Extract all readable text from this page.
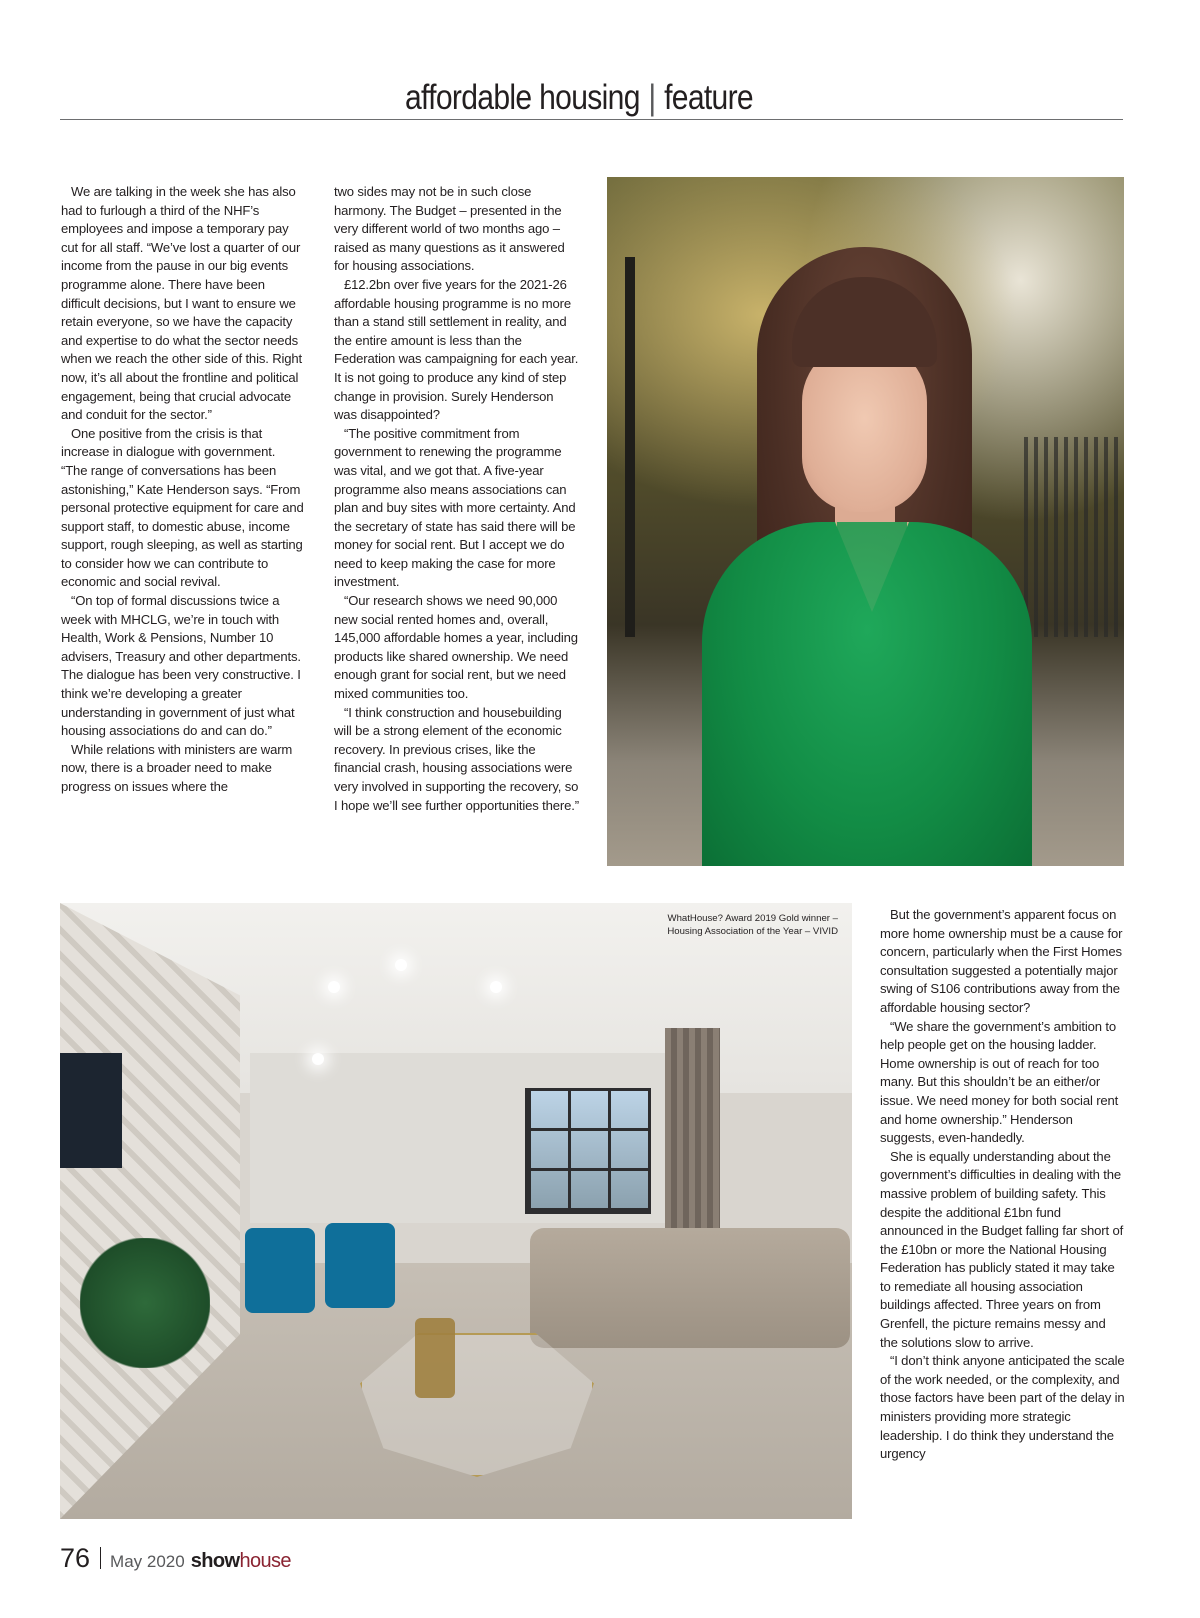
affordable housing | feature

We are talking in the week she has also had to furlough a third of the NHF’s employees and impose a temporary pay cut for all staff. “We’ve lost a quarter of our income from the pause in our big events programme alone. There have been difficult decisions, but I want to ensure we retain everyone, so we have the capacity and expertise to do what the sector needs when we reach the other side of this. Right now, it’s all about the frontline and political engagement, being that crucial advocate and conduit for the sector.”

One positive from the crisis is that increase in dialogue with government. “The range of conversations has been astonishing,” Kate Henderson says. “From personal protective equipment for care and support staff, to domestic abuse, income support, rough sleeping, as well as starting to consider how we can contribute to economic and social revival.

“On top of formal discussions twice a week with MHCLG, we’re in touch with Health, Work & Pensions, Number 10 advisers, Treasury and other departments. The dialogue has been very constructive. I think we’re developing a greater understanding in government of just what housing associations do and can do.”

While relations with ministers are warm now, there is a broader need to make progress on issues where the

two sides may not be in such close harmony. The Budget – presented in the very different world of two months ago – raised as many questions as it answered for housing associations.

£12.2bn over five years for the 2021-26 affordable housing programme is no more than a stand still settlement in reality, and the entire amount is less than the Federation was campaigning for each year. It is not going to produce any kind of step change in provision. Surely Henderson was disappointed?

“The positive commitment from government to renewing the programme was vital, and we got that. A five-year programme also means associations can plan and buy sites with more certainty. And the secretary of state has said there will be money for social rent. But I accept we do need to keep making the case for more investment.

“Our research shows we need 90,000 new social rented homes and, overall, 145,000 affordable homes a year, including products like shared ownership. We need enough grant for social rent, but we need mixed communities too.

“I think construction and housebuilding will be a strong element of the economic recovery. In previous crises, like the financial crash, housing associations were very involved in supporting the recovery, so I hope we’ll see further opportunities there.”

WhatHouse? Award 2019 Gold winner –
Housing Association of the Year – VIVID

But the government’s apparent focus on more home ownership must be a cause for concern, particularly when the First Homes consultation suggested a potentially major swing of S106 contributions away from the affordable housing sector?

“We share the government’s ambition to help people get on the housing ladder. Home ownership is out of reach for too many. But this shouldn’t be an either/or issue. We need money for both social rent and home ownership.” Henderson suggests, even-handedly.

She is equally understanding about the government’s difficulties in dealing with the massive problem of building safety. This despite the additional £1bn fund announced in the Budget falling far short of the £10bn or more the National Housing Federation has publicly stated it may take to remediate all housing association buildings affected. Three years on from Grenfell, the picture remains messy and the solutions slow to arrive.

“I don’t think anyone anticipated the scale of the work needed, or the complexity, and those factors have been part of the delay in ministers providing more strategic leadership. I do think they understand the urgency

76 May 2020 showhouse
